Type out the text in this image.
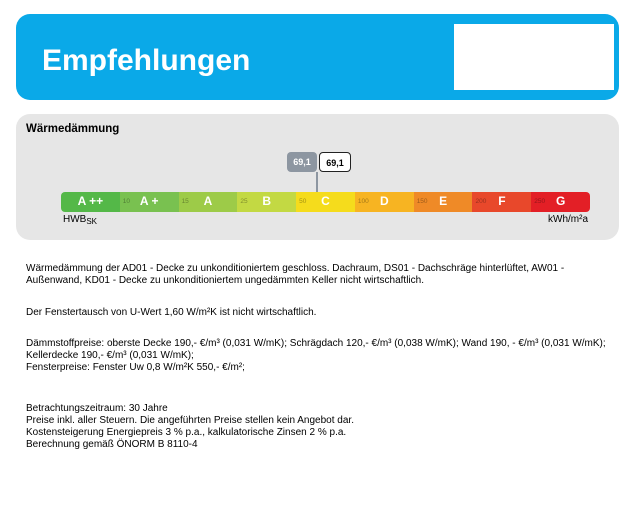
Empfehlungen
Wärmedämmung
69,1	69,1
A ++	10 A +	15	A	25	B	50	C	100 D	150 E	200 F	250 G
$HWB_{SK}$	kWh/m²a

Wärmedämmung der AD01 - Decke zu unkonditioniertem geschloss. Dachraum, DS01 - Dachschräge hinterlüftet, AW01 - Außenwand, KD01 - Decke zu unkonditioniertem ungedämmten Keller nicht wirtschaftlich.

Der Fenstertausch von U-Wert 1,60 W/m²K ist nicht wirtschaftlich.

Dämmstoffpreise: oberste Decke 190,- €/m³ (0,031 W/mK); Schrägdach 120,- €/m³ (0,038 W/mK); Wand 190, - €/m³ (0,031 W/mK); Kellerdecke 190,- €/m³ (0,031 W/mK);
Fensterpreise: Fenster Uw 0,8 W/m²K 550,- €/m²;

Betrachtungszeitraum: 30 Jahre
Preise inkl. aller Steuern. Die angeführten Preise stellen kein Angebot dar.
Kostensteigerung Energiepreis 3 % p.a., kalkulatorische Zinsen 2 % p.a.
Berechnung gemäß ÖNORM B 8110-4
